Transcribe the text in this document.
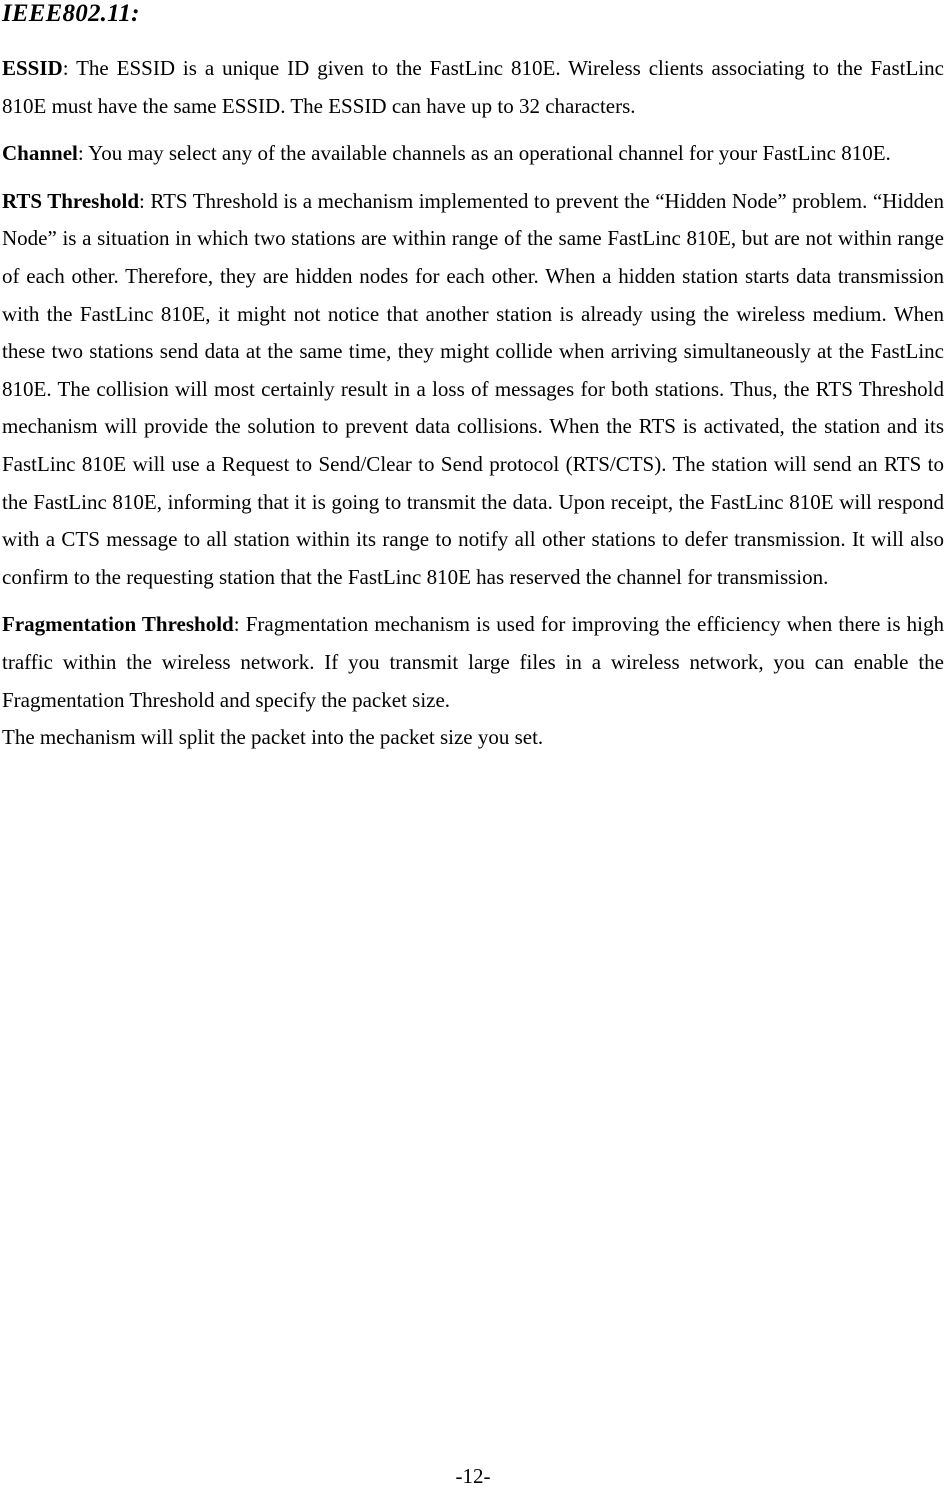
IEEE802.11:

ESSID: The ESSID is a unique ID given to the FastLinc 810E. Wireless clients associating to the FastLinc 810E must have the same ESSID. The ESSID can have up to 32 characters.

Channel: You may select any of the available channels as an operational channel for your FastLinc 810E.

RTS Threshold: RTS Threshold is a mechanism implemented to prevent the “Hidden Node” problem. “Hidden Node” is a situation in which two stations are within range of the same FastLinc 810E, but are not within range of each other. Therefore, they are hidden nodes for each other. When a hidden station starts data transmission with the FastLinc 810E, it might not notice that another station is already using the wireless medium. When these two stations send data at the same time, they might collide when arriving simultaneously at the FastLinc 810E. The collision will most certainly result in a loss of messages for both stations. Thus, the RTS Threshold mechanism will provide the solution to prevent data collisions. When the RTS is activated, the station and its FastLinc 810E will use a Request to Send/Clear to Send protocol (RTS/CTS). The station will send an RTS to the FastLinc 810E, informing that it is going to transmit the data. Upon receipt, the FastLinc 810E will respond with a CTS message to all station within its range to notify all other stations to defer transmission. It will also confirm to the requesting station that the FastLinc 810E has reserved the channel for transmission.

Fragmentation Threshold: Fragmentation mechanism is used for improving the efficiency when there is high traffic within the wireless network. If you transmit large files in a wireless network, you can enable the Fragmentation Threshold and specify the packet size.
The mechanism will split the packet into the packet size you set.

-12-
